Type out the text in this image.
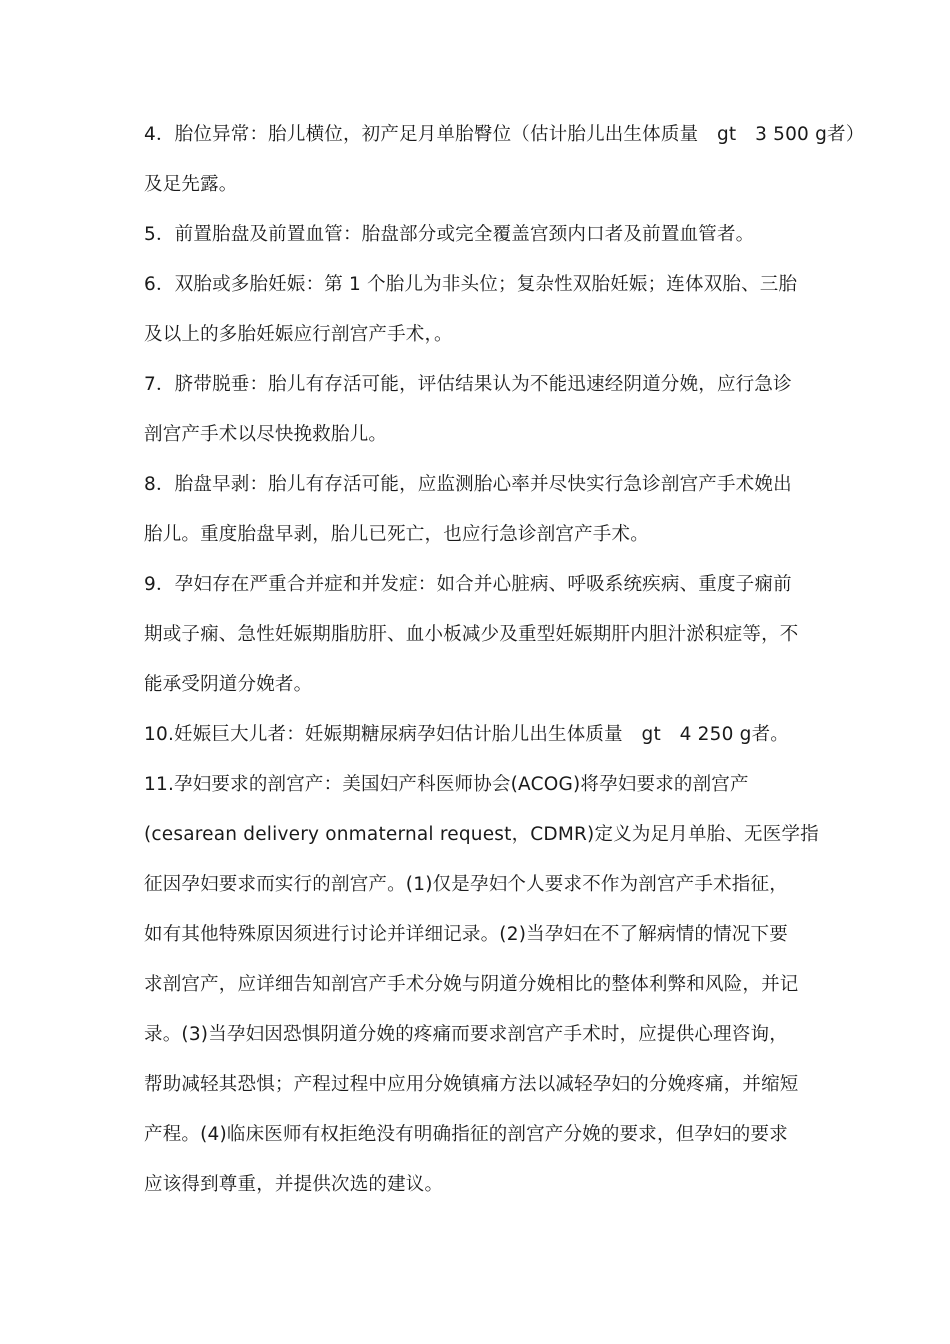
4．胎位异常：胎儿横位，初产足月单胎臀位（估计胎儿出生体质量　gt　3 500 g者）
及足先露。
5．前置胎盘及前置血管：胎盘部分或完全覆盖宫颈内口者及前置血管者。
6．双胎或多胎妊娠：第 1 个胎儿为非头位；复杂性双胎妊娠；连体双胎、三胎
及以上的多胎妊娠应行剖宫产手术，。
7．脐带脱垂：胎儿有存活可能，评估结果认为不能迅速经阴道分娩，应行急诊
剖宫产手术以尽快挽救胎儿。
8．胎盘早剥：胎儿有存活可能，应监测胎心率并尽快实行急诊剖宫产手术娩出
胎儿。重度胎盘早剥，胎儿已死亡，也应行急诊剖宫产手术。
9．孕妇存在严重合并症和并发症：如合并心脏病、呼吸系统疾病、重度子痫前
期或子痫、急性妊娠期脂肪肝、血小板减少及重型妊娠期肝内胆汁淤积症等，不
能承受阴道分娩者。
10.妊娠巨大儿者：妊娠期糖尿病孕妇估计胎儿出生体质量　gt　4 250 g者。
11.孕妇要求的剖宫产：美国妇产科医师协会(ACOG)将孕妇要求的剖宫产
(cesarean delivery onmaternal request，CDMR)定义为足月单胎、无医学指
征因孕妇要求而实行的剖宫产。(1)仅是孕妇个人要求不作为剖宫产手术指征，
如有其他特殊原因须进行讨论并详细记录。(2)当孕妇在不了解病情的情况下要
求剖宫产，应详细告知剖宫产手术分娩与阴道分娩相比的整体利弊和风险，并记
录。(3)当孕妇因恐惧阴道分娩的疼痛而要求剖宫产手术时，应提供心理咨询，
帮助减轻其恐惧；产程过程中应用分娩镇痛方法以减轻孕妇的分娩疼痛，并缩短
产程。(4)临床医师有权拒绝没有明确指征的剖宫产分娩的要求，但孕妇的要求
应该得到尊重，并提供次选的建议。
